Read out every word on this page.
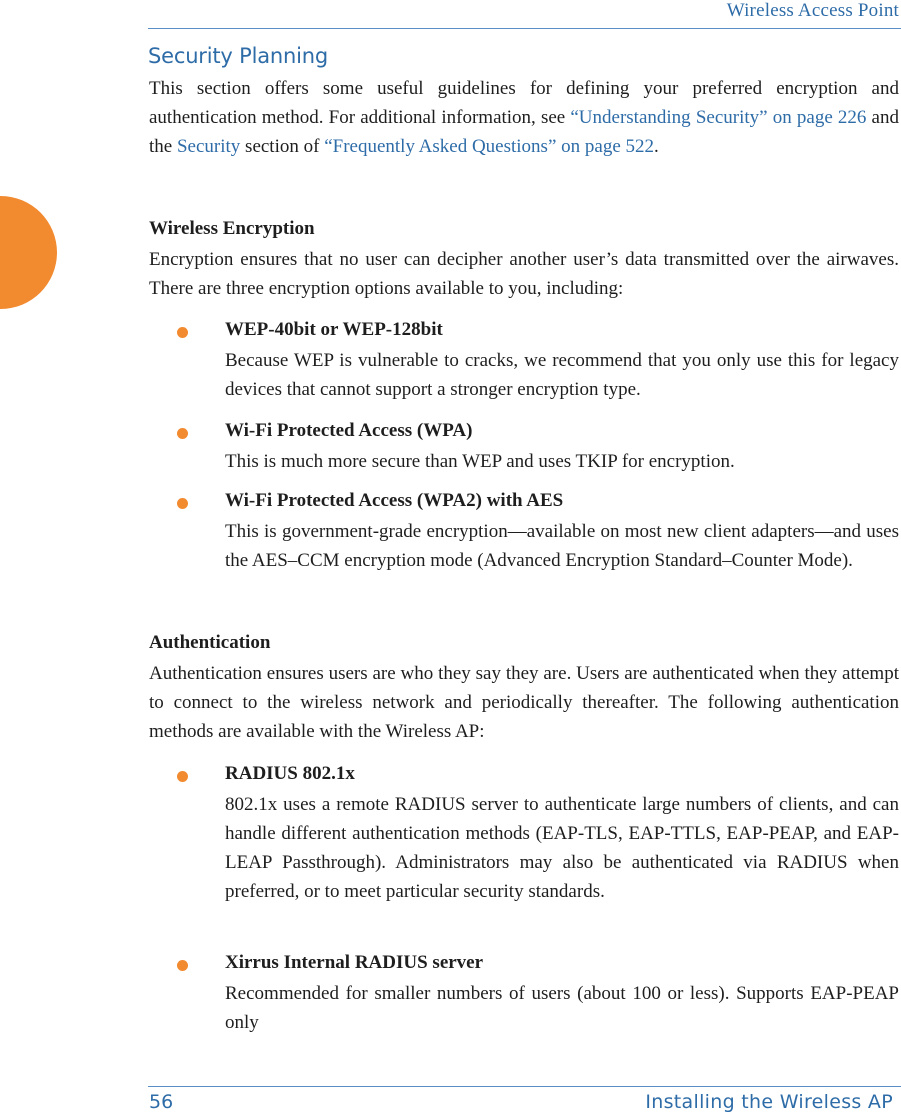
Wireless Access Point
Security Planning

This section offers some useful guidelines for defining your preferred encryption and authentication method. For additional information, see “Understanding Security” on page 226 and the Security section of “Frequently Asked Questions” on page 522.

Wireless Encryption

Encryption ensures that no user can decipher another user’s data transmitted over the airwaves. There are three encryption options available to you, including:

WEP-40bit or WEP-128bit

Because WEP is vulnerable to cracks, we recommend that you only use this for legacy devices that cannot support a stronger encryption type.

Wi-Fi Protected Access (WPA)

This is much more secure than WEP and uses TKIP for encryption.

Wi-Fi Protected Access (WPA2) with AES

This is government-grade encryption—available on most new client adapters—and uses the AES–CCM encryption mode (Advanced Encryption Standard–Counter Mode).

Authentication

Authentication ensures users are who they say they are. Users are authenticated when they attempt to connect to the wireless network and periodically thereafter. The following authentication methods are available with the Wireless AP:

RADIUS 802.1x

802.1x uses a remote RADIUS server to authenticate large numbers of clients, and can handle different authentication methods (EAP-TLS, EAP-TTLS, EAP-PEAP, and EAP-LEAP Passthrough). Administrators may also be authenticated via RADIUS when preferred, or to meet particular security standards.

Xirrus Internal RADIUS server

Recommended for smaller numbers of users (about 100 or less). Supports EAP-PEAP only

56	Installing the Wireless AP
